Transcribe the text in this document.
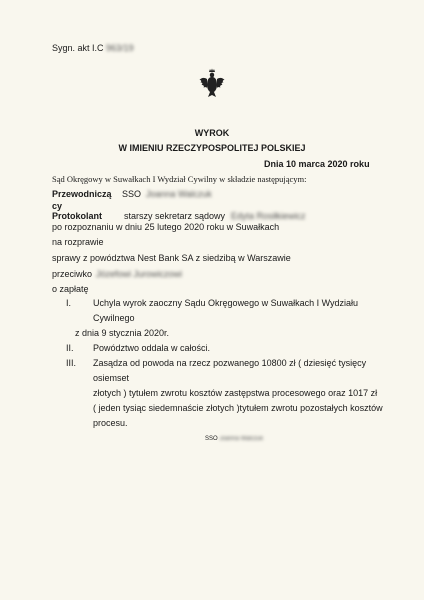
Sygn. akt I.C 963/19
WYROK
W IMIENIU RZECZYPOSPOLITEJ POLSKIEJ
Dnia 10 marca 2020 roku
Sąd Okręgowy w Suwałkach I Wydział Cywilny w składzie następującym:
Przewodniczą SSO Joanna Walczuk
cy
Protokolant starszy sekretarz sądowy Edyta Rosiłkiewicz
po rozpoznaniu w dniu 25 lutego 2020 roku w Suwałkach
na rozprawie
sprawy z powództwa Nest Bank SA z siedzibą w Warszawie
przeciwko Józefowi Jurowiczowi
o zapłatę
I. Uchyla wyrok zaoczny Sądu Okręgowego w Suwałkach I Wydziału
Cywilnego
z dnia 9 stycznia 2020r.
II. Powództwo oddala w całości.
III. Zasądza od powoda na rzecz pozwanego 10800 zł ( dziesięć tysięcy
osiemset
złotych ) tytułem zwrotu kosztów zastępstwa procesowego oraz 1017 zł
( jeden tysiąc siedemnaście złotych )tytułem zwrotu pozostałych kosztów
procesu.
SSO Joanna Walczuk
